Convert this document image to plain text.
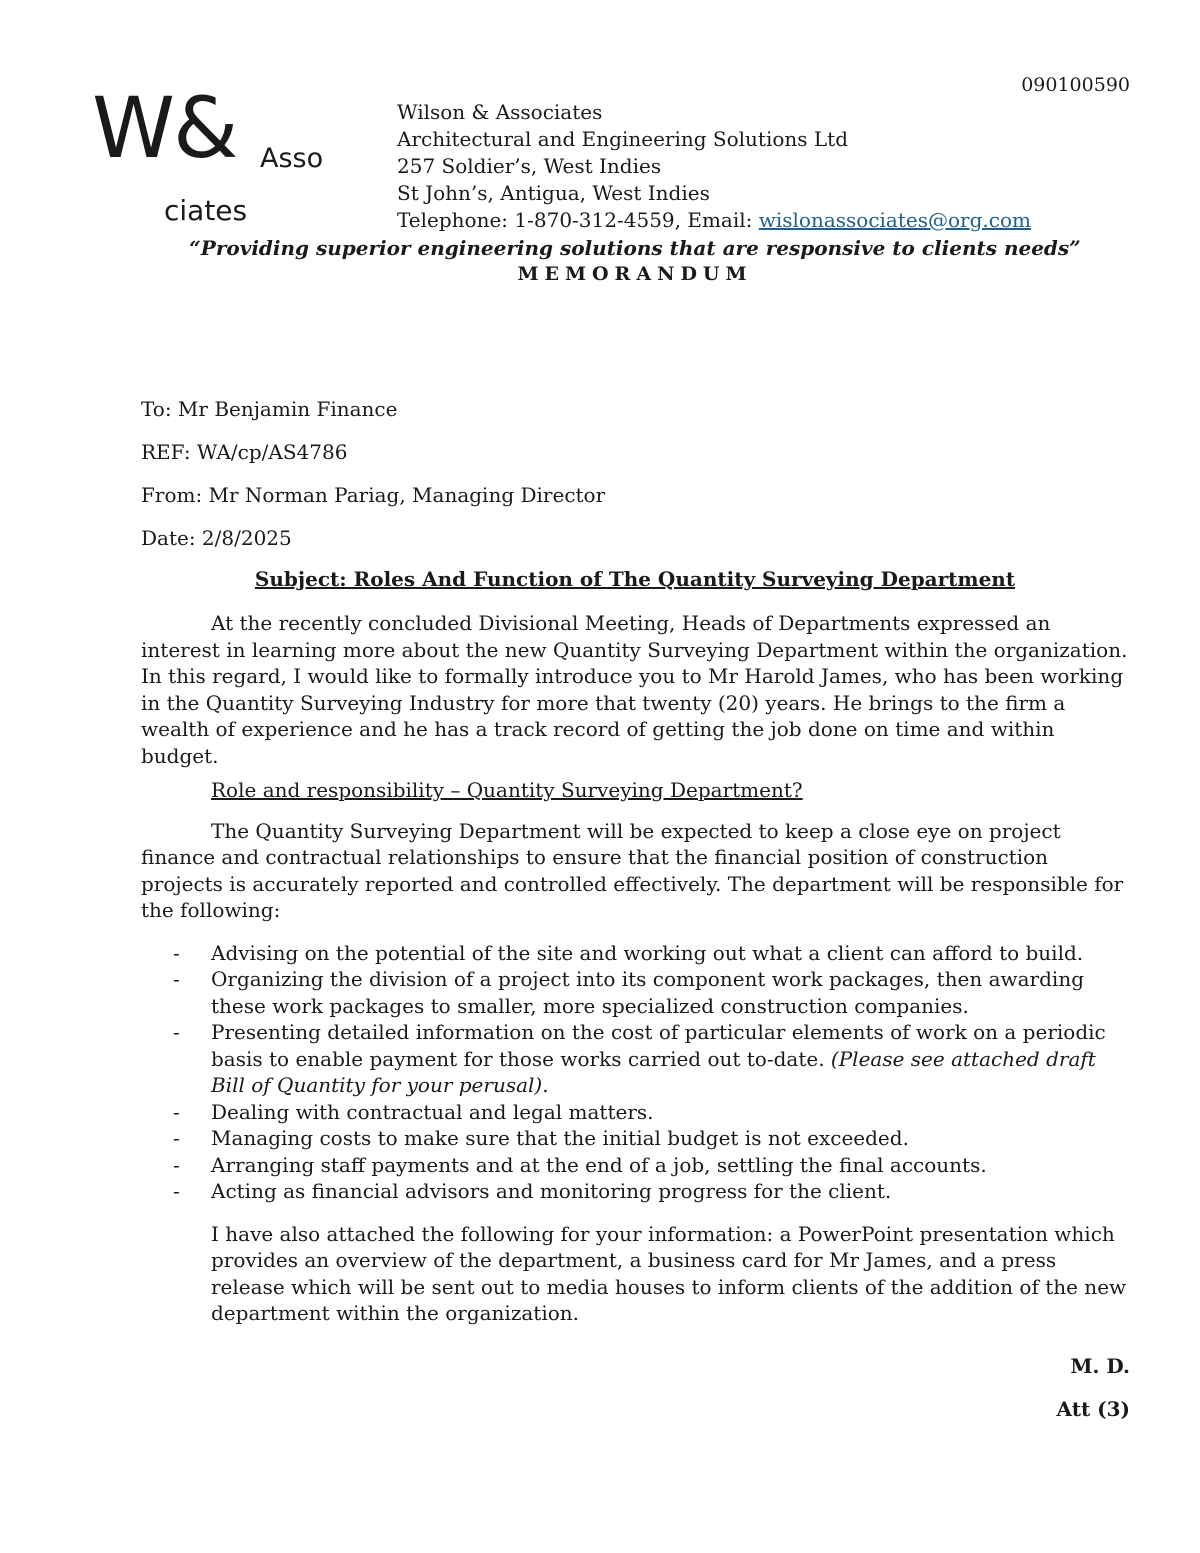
090100590
W& Asso
ciates
Wilson & Associates
Architectural and Engineering Solutions Ltd
257 Soldier’s, West Indies
St John’s, Antigua, West Indies
Telephone: 1-870-312-4559, Email: wislonassociates@org.com
“Providing superior engineering solutions that are responsive to clients needs”
MEMORANDUM
To: Mr Benjamin Finance
REF: WA/cp/AS4786
From: Mr Norman Pariag, Managing Director
Date: 2/8/2025
Subject: Roles And Function of The Quantity Surveying Department

At the recently concluded Divisional Meeting, Heads of Departments expressed an interest in learning more about the new Quantity Surveying Department within the organization. In this regard, I would like to formally introduce you to Mr Harold James, who has been working in the Quantity Surveying Industry for more that twenty (20) years. He brings to the firm a wealth of experience and he has a track record of getting the job done on time and within budget.

Role and responsibility – Quantity Surveying Department?

The Quantity Surveying Department will be expected to keep a close eye on project finance and contractual relationships to ensure that the financial position of construction projects is accurately reported and controlled effectively. The department will be responsible for the following:

- Advising on the potential of the site and working out what a client can afford to build.
- Organizing the division of a project into its component work packages, then awarding these work packages to smaller, more specialized construction companies.
- Presenting detailed information on the cost of particular elements of work on a periodic basis to enable payment for those works carried out to-date. (Please see attached draft Bill of Quantity for your perusal).
- Dealing with contractual and legal matters.
- Managing costs to make sure that the initial budget is not exceeded.
- Arranging staff payments and at the end of a job, settling the final accounts.
- Acting as financial advisors and monitoring progress for the client.

I have also attached the following for your information: a PowerPoint presentation which provides an overview of the department, a business card for Mr James, and a press release which will be sent out to media houses to inform clients of the addition of the new department within the organization.

M. D.
Att (3)
